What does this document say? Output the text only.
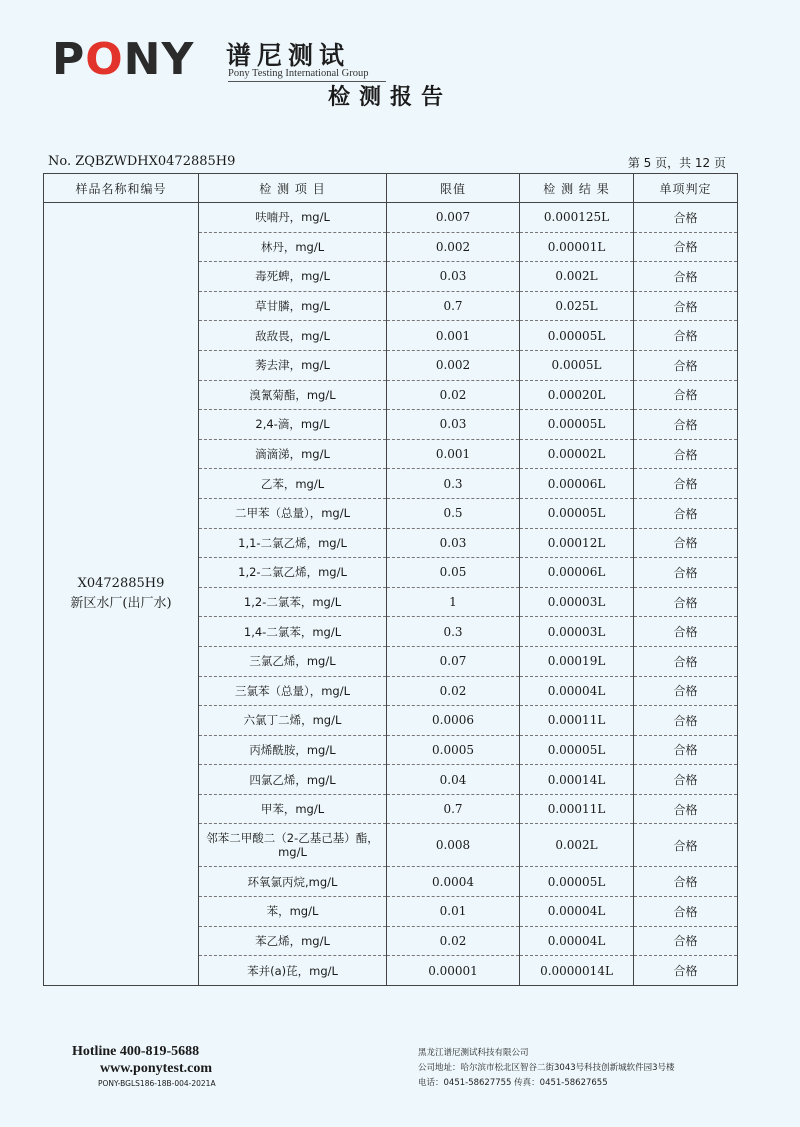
PONY 谱尼测试
Pony Testing International Group
检测报告
No. ZQBZWDHX0472885H9	第 5 页，共 12 页
样品名称和编号	检 测 项 目	限值	检 测 结 果	单项判定

X0472885H9
新区水厂(出厂水)	呋喃丹，mg/L	0.007	0.000125L	合格
	林丹，mg/L	0.002	0.00001L	合格
	毒死蜱，mg/L	0.03	0.002L	合格
	草甘膦，mg/L	0.7	0.025L	合格
	敌敌畏，mg/L	0.001	0.00005L	合格
	莠去津，mg/L	0.002	0.0005L	合格
	溴氰菊酯，mg/L	0.02	0.00020L	合格
	2,4-滴，mg/L	0.03	0.00005L	合格
	滴滴涕，mg/L	0.001	0.00002L	合格
	乙苯，mg/L	0.3	0.00006L	合格
	二甲苯（总量），mg/L	0.5	0.00005L	合格
	1,1-二氯乙烯，mg/L	0.03	0.00012L	合格
	1,2-二氯乙烯，mg/L	0.05	0.00006L	合格
	1,2-二氯苯，mg/L	1	0.00003L	合格
	1,4-二氯苯，mg/L	0.3	0.00003L	合格
	三氯乙烯，mg/L	0.07	0.00019L	合格
	三氯苯（总量），mg/L	0.02	0.00004L	合格
	六氯丁二烯，mg/L	0.0006	0.00011L	合格
	丙烯酰胺，mg/L	0.0005	0.00005L	合格
	四氯乙烯，mg/L	0.04	0.00014L	合格
	甲苯，mg/L	0.7	0.00011L	合格
	邻苯二甲酸二（2-乙基己基）酯，mg/L	0.008	0.002L	合格
	环氧氯丙烷,mg/L	0.0004	0.00005L	合格
	苯，mg/L	0.01	0.00004L	合格
	苯乙烯，mg/L	0.02	0.00004L	合格
	苯并(a)芘，mg/L	0.00001	0.0000014L	合格
Hotline 400-819-5688
www.ponytest.com
PONY-BGLS186-18B-004-2021A
黑龙江谱尼测试科技有限公司
公司地址：哈尔滨市松北区智谷二街3043号科技创新城软件园3号楼
电话：0451-58627755 传真：0451-58627655
